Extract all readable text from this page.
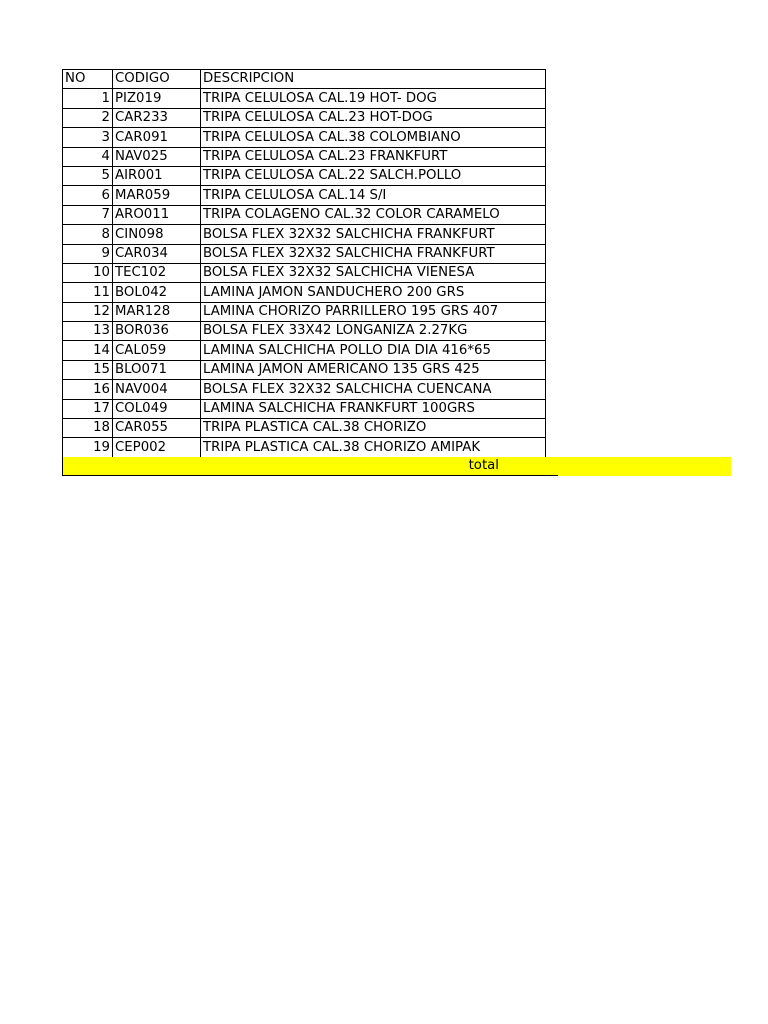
NO	CODIGO	DESCRIPCION
1	PIZ019	TRIPA CELULOSA CAL.19 HOT- DOG
2	CAR233	TRIPA CELULOSA CAL.23 HOT-DOG
3	CAR091	TRIPA CELULOSA CAL.38 COLOMBIANO
4	NAV025	TRIPA CELULOSA CAL.23 FRANKFURT
5	AIR001	TRIPA CELULOSA CAL.22 SALCH.POLLO
6	MAR059	TRIPA CELULOSA CAL.14 S/I
7	ARO011	TRIPA COLAGENO CAL.32 COLOR CARAMELO
8	CIN098	BOLSA FLEX 32X32 SALCHICHA FRANKFURT
9	CAR034	BOLSA FLEX 32X32 SALCHICHA FRANKFURT
10	TEC102	BOLSA FLEX 32X32 SALCHICHA VIENESA
11	BOL042	LAMINA JAMON SANDUCHERO 200 GRS
12	MAR128	LAMINA CHORIZO PARRILLERO 195 GRS 407
13	BOR036	BOLSA FLEX 33X42 LONGANIZA 2.27KG
14	CAL059	LAMINA SALCHICHA POLLO DIA DIA 416*65
15	BLO071	LAMINA JAMON AMERICANO 135 GRS 425
16	NAV004	BOLSA FLEX 32X32 SALCHICHA CUENCANA
17	COL049	LAMINA SALCHICHA FRANKFURT 100GRS
18	CAR055	TRIPA PLASTICA CAL.38 CHORIZO
19	CEP002	TRIPA PLASTICA CAL.38 CHORIZO AMIPAK
total
